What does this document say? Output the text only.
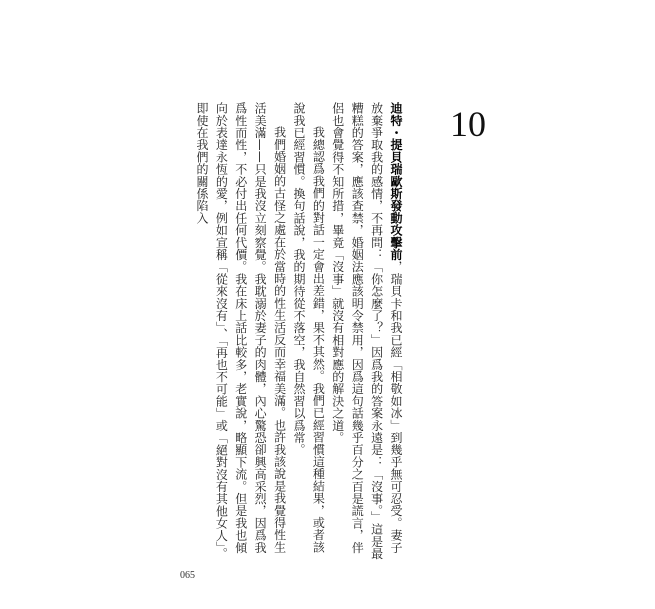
10

迪特・提貝瑞歐斯發動攻擊前，瑞貝卡和我已經「相敬如冰」到幾乎無可忍受。妻子放棄爭取我的感情，不再問：「你怎麼了？」因爲我的答案永遠是：「沒事。」這是最糟糕的答案，應該查禁，婚姻法應該明令禁用，因爲這句話幾乎百分之百是謊言，伴侶也會覺得不知所措，畢竟「沒事」就沒有相對應的解決之道。

我總認爲我們的對話一定會出差錯，果不其然。我們已經習慣這種結果，或者該說我已經習慣。換句話說，我的期待從不落空，我自然習以爲常。

我們婚姻的古怪之處在於當時的性生活反而幸福美滿。也許我該說是我覺得性生活美滿——只是我沒立刻察覺。我耽溺於妻子的肉體，內心驚恐卻興高采烈，因爲我爲性而性，不必付出任何代價。我在床上話比較多，老實說，略顯下流。但是我也傾向於表達永恆的愛，例如宣稱「從來沒有」、「再也不可能」或「絕對沒有其他女人」。即使在我們的關係陷入

065
